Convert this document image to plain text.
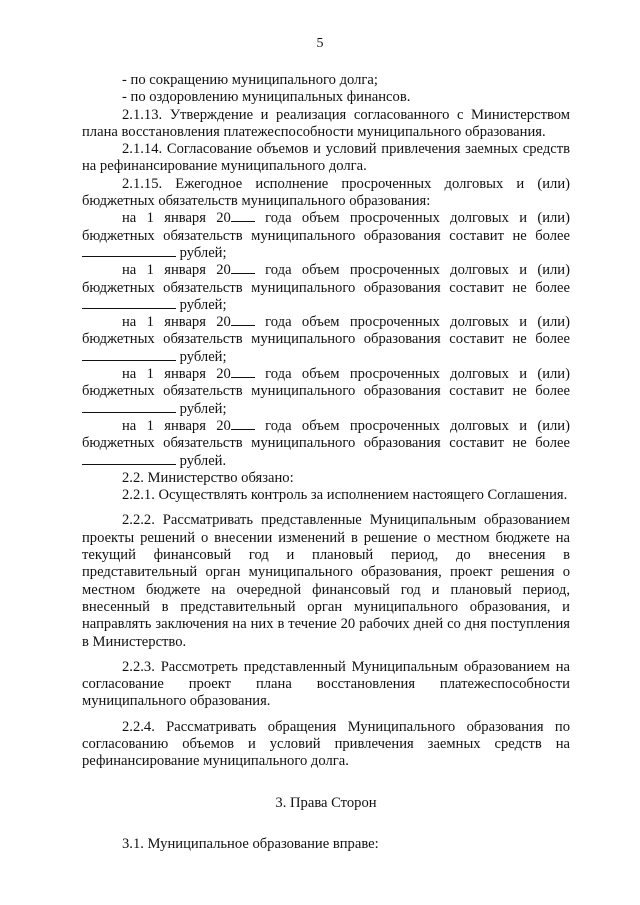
5

- по сокращению муниципального долга;

- по оздоровлению муниципальных финансов.

2.1.13. Утверждение и реализация согласованного с Министерством плана восстановления платежеспособности муниципального образования.

2.1.14. Согласование объемов и условий привлечения заемных средств на рефинансирование муниципального долга.

2.1.15. Ежегодное исполнение просроченных долговых и (или) бюджетных обязательств муниципального образования:

на 1 января 20 года объем просроченных долговых и (или) бюджетных обязательств муниципального образования составит не более  рублей;

на 1 января 20 года объем просроченных долговых и (или) бюджетных обязательств муниципального образования составит не более  рублей;

на 1 января 20 года объем просроченных долговых и (или) бюджетных обязательств муниципального образования составит не более  рублей;

на 1 января 20 года объем просроченных долговых и (или) бюджетных обязательств муниципального образования составит не более  рублей;

на 1 января 20 года объем просроченных долговых и (или) бюджетных обязательств муниципального образования составит не более  рублей.

2.2. Министерство обязано:

2.2.1. Осуществлять контроль за исполнением настоящего Соглашения.

2.2.2. Рассматривать представленные Муниципальным образованием проекты решений о внесении изменений в решение о местном бюджете на текущий финансовый год и плановый период, до внесения в представительный орган муниципального образования, проект решения о местном бюджете на очередной финансовый год и плановый период, внесенный в представительный орган муниципального образования, и направлять заключения на них в течение 20 рабочих дней со дня поступления в Министерство.

2.2.3. Рассмотреть представленный Муниципальным образованием на согласование проект плана восстановления платежеспособности муниципального образования.

2.2.4. Рассматривать обращения Муниципального образования по согласованию объемов и условий привлечения заемных средств на рефинансирование муниципального долга.

3. Права Сторон

3.1. Муниципальное образование вправе:
